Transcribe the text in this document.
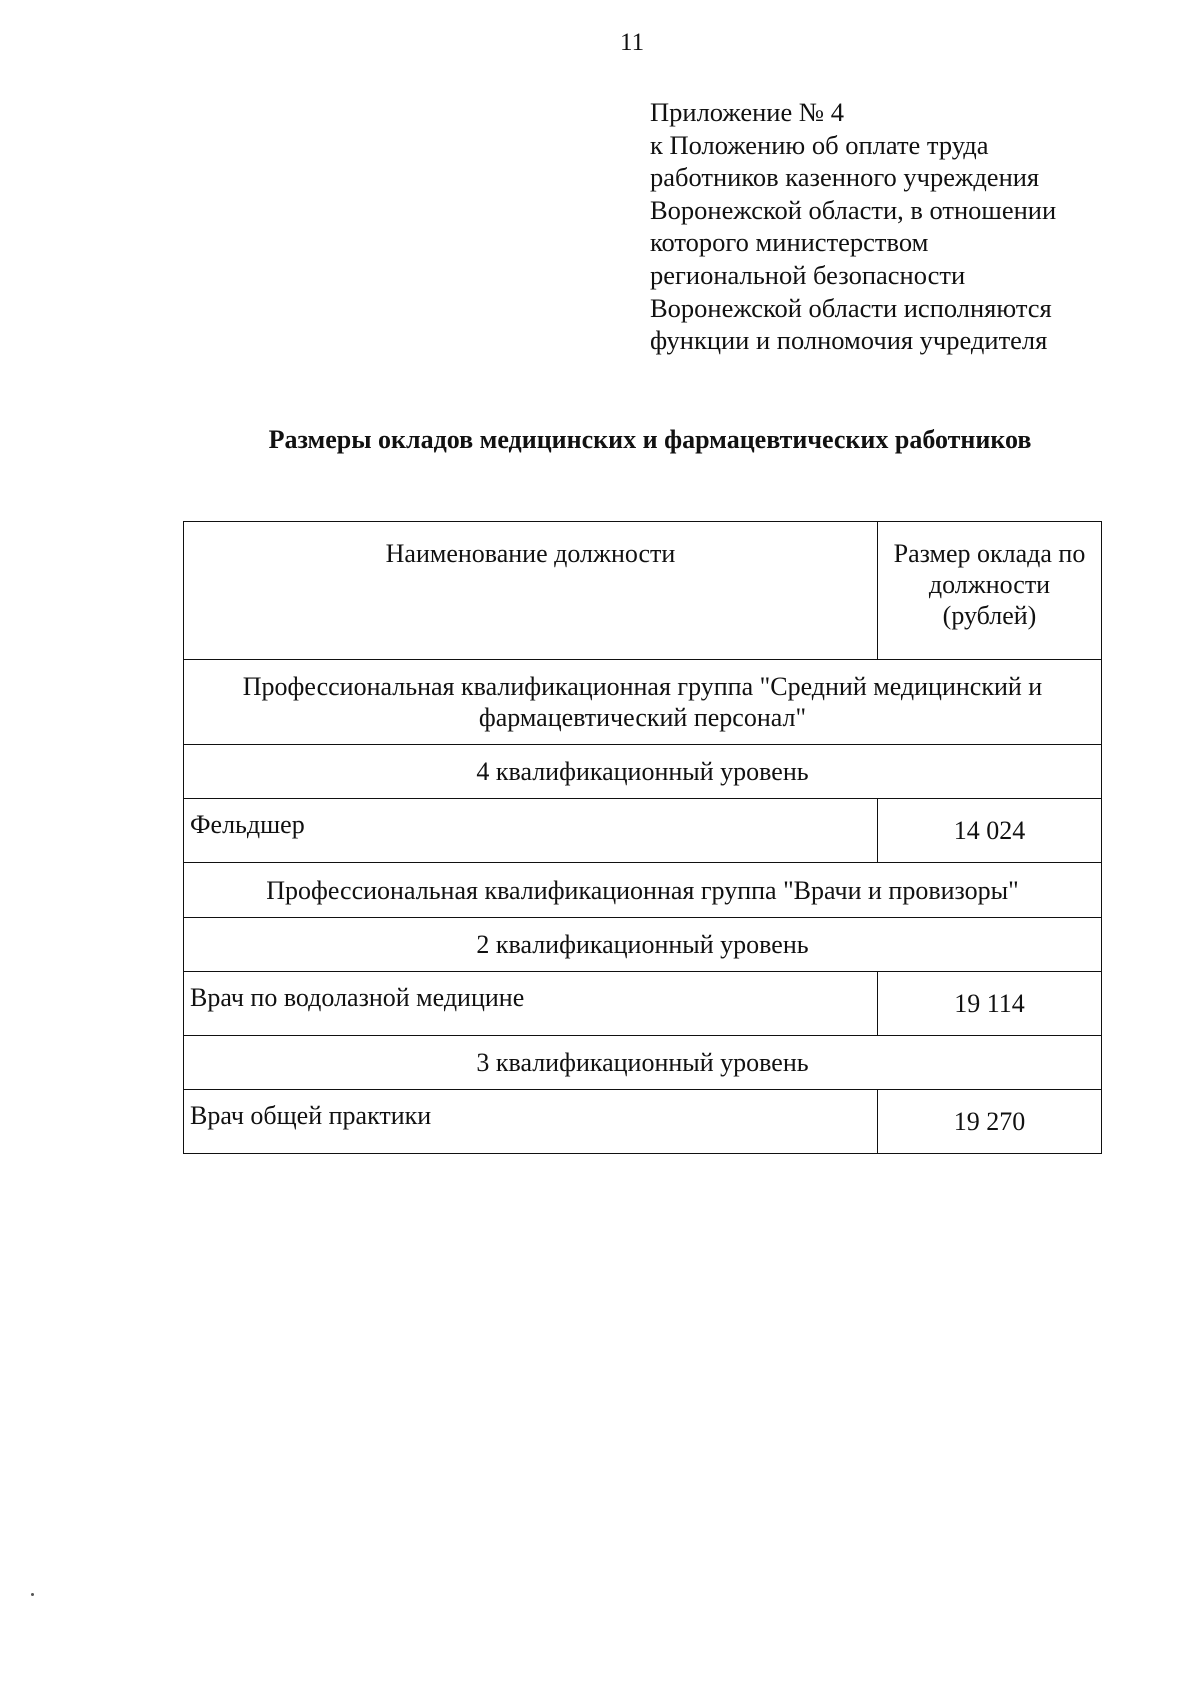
11
Приложение № 4
к Положению об оплате труда
работников казенного учреждения
Воронежской области, в отношении
которого министерством
региональной безопасности
Воронежской области исполняются
функции и полномочия учредителя
Размеры окладов медицинских и фармацевтических работников
Наименование должности	Размер оклада по должности (рублей)
Профессиональная квалификационная группа "Средний медицинский и фармацевтический персонал"	
4 квалификационный уровень	
Фельдшер	14 024
Профессиональная квалификационная группа "Врачи и провизоры"	
2 квалификационный уровень	
Врач по водолазной медицине	19 114
3 квалификационный уровень	
Врач общей практики	19 270
